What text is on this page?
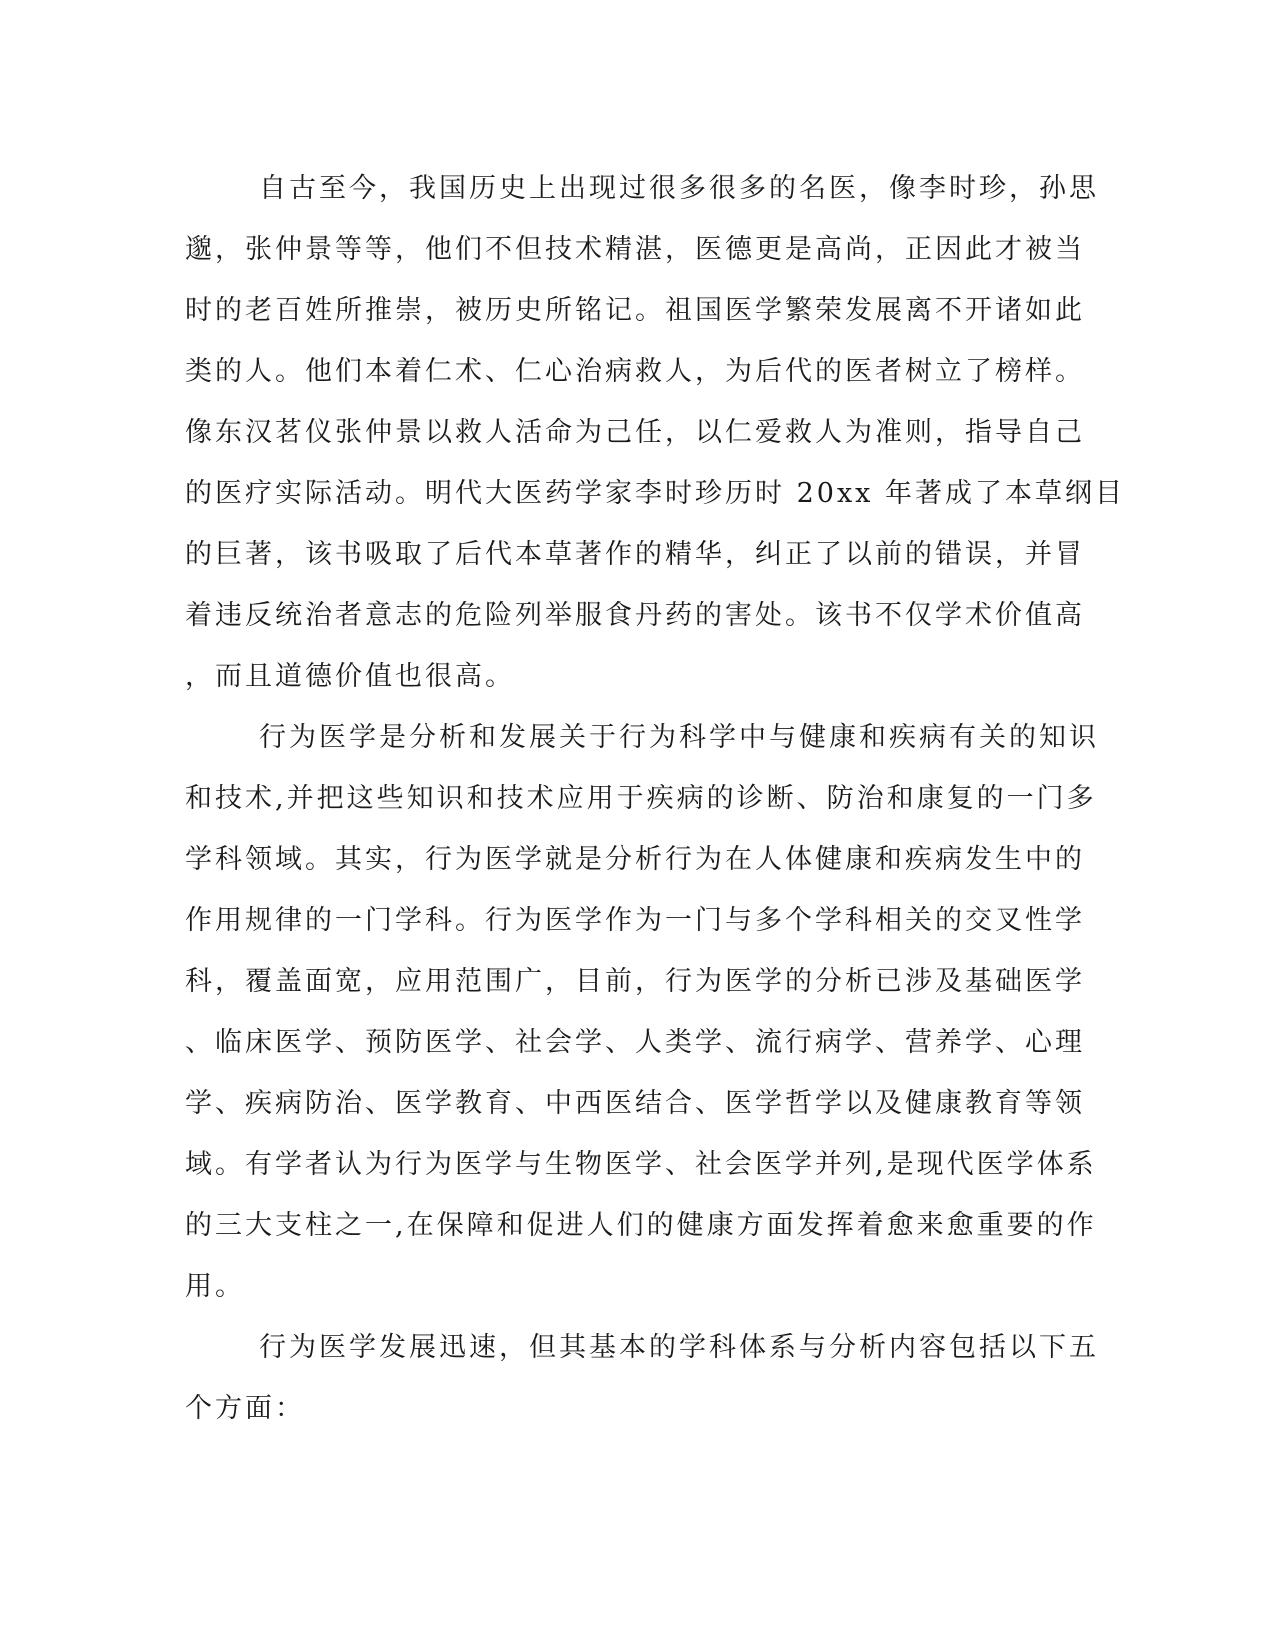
自古至今，我国历史上出现过很多很多的名医，像李时珍，孙思
邈，张仲景等等，他们不但技术精湛，医德更是高尚，正因此才被当
时的老百姓所推崇，被历史所铭记。祖国医学繁荣发展离不开诸如此
类的人。他们本着仁术、仁心治病救人，为后代的医者树立了榜样。
像东汉茗仪张仲景以救人活命为己任，以仁爱救人为准则，指导自己
的医疗实际活动。明代大医药学家李时珍历时 20xx 年著成了本草纲目
的巨著，该书吸取了后代本草著作的精华，纠正了以前的错误，并冒
着违反统治者意志的危险列举服食丹药的害处。该书不仅学术价值高
，而且道德价值也很高。
行为医学是分析和发展关于行为科学中与健康和疾病有关的知识
和技术,并把这些知识和技术应用于疾病的诊断、防治和康复的一门多
学科领域。其实，行为医学就是分析行为在人体健康和疾病发生中的
作用规律的一门学科。行为医学作为一门与多个学科相关的交叉性学
科，覆盖面宽，应用范围广，目前，行为医学的分析已涉及基础医学
、临床医学、预防医学、社会学、人类学、流行病学、营养学、心理
学、疾病防治、医学教育、中西医结合、医学哲学以及健康教育等领
域。有学者认为行为医学与生物医学、社会医学并列,是现代医学体系
的三大支柱之一,在保障和促进人们的健康方面发挥着愈来愈重要的作
用。
行为医学发展迅速，但其基本的学科体系与分析内容包括以下五
个方面：
